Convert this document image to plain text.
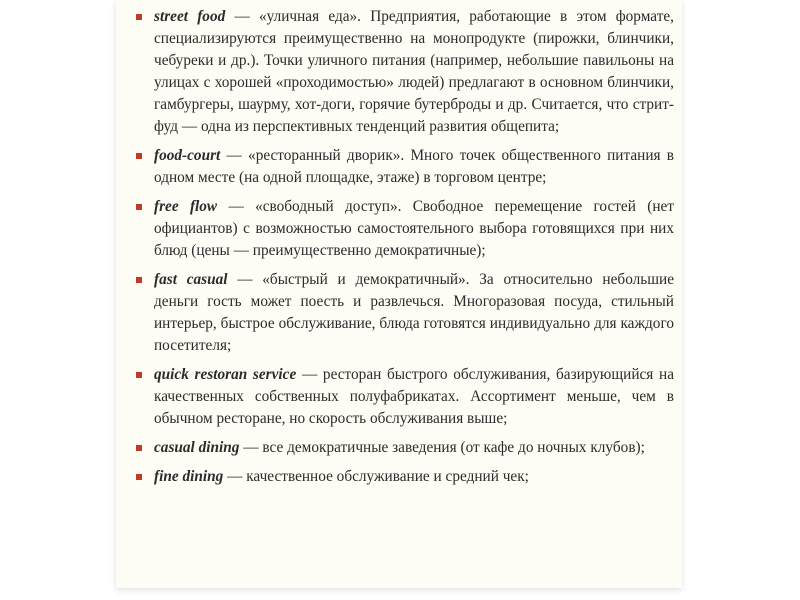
street food — «уличная еда». Предприятия, работающие в этом формате, специализируются преимущественно на монопродукте (пирожки, блинчики, чебуреки и др.). Точки уличного питания (например, небольшие павильоны на улицах с хорошей «проходимостью» людей) предлагают в основном блинчики, гамбургеры, шаурму, хот-доги, горячие бутерброды и др. Считается, что стрит-фуд — одна из перспективных тенденций развития общепита;
food-court — «ресторанный дворик». Много точек общественного питания в одном месте (на одной площадке, этаже) в торговом центре;
free flow — «свободный доступ». Свободное перемещение гостей (нет официантов) с возможностью самостоятельного выбора готовящихся при них блюд (цены — преимущественно демократичные);
fast casual — «быстрый и демократичный». За относительно небольшие деньги гость может поесть и развлечься. Многоразовая посуда, стильный интерьер, быстрое обслуживание, блюда готовятся индивидуально для каждого посетителя;
quick restoran service — ресторан быстрого обслуживания, базирующийся на качественных собственных полуфабрикатах. Ассортимент меньше, чем в обычном ресторане, но скорость обслуживания выше;
casual dining — все демократичные заведения (от кафе до ночных клубов);
fine dining — качественное обслуживание и средний чек;
